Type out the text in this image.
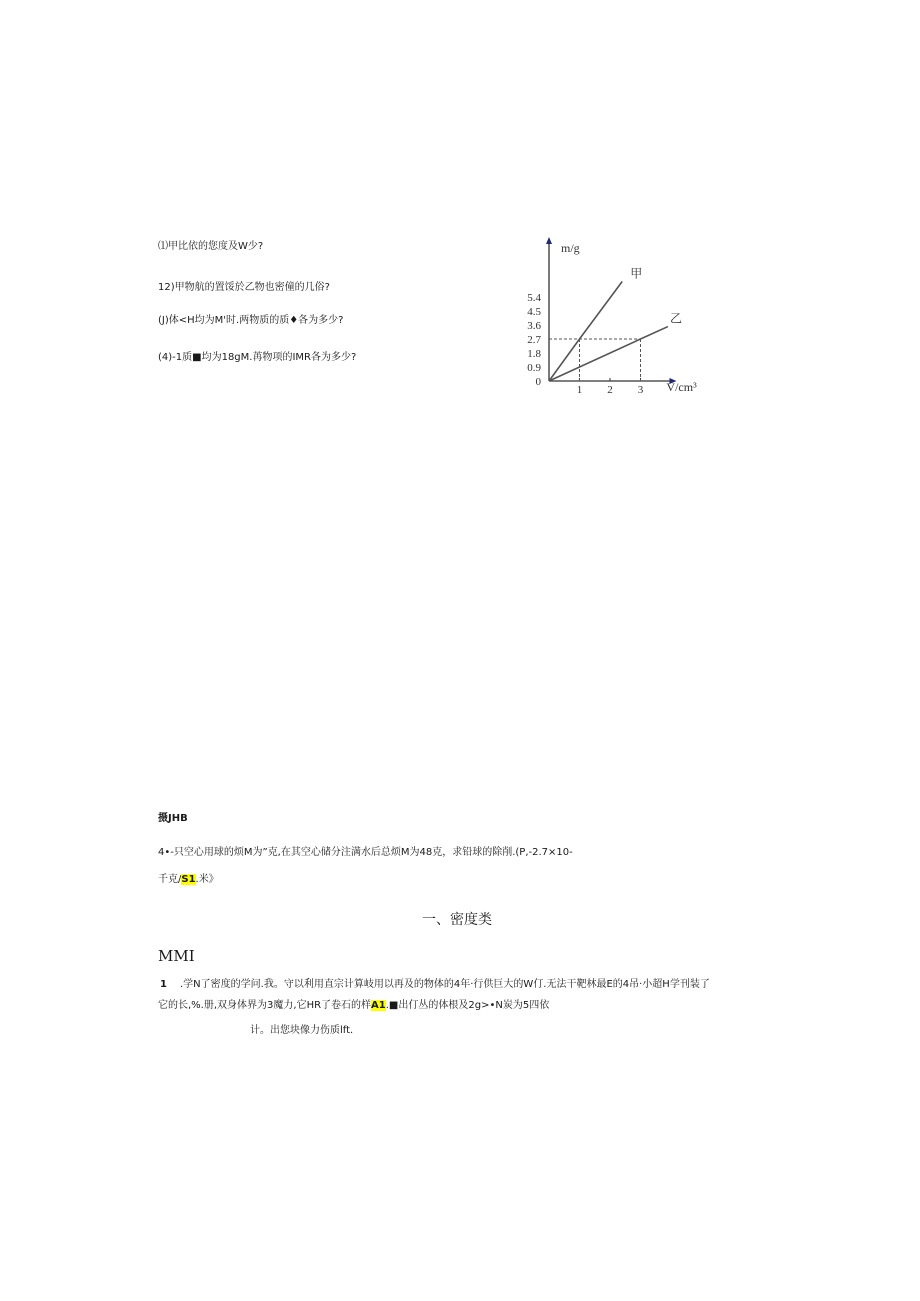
⑴甲比依的您度及W少?
12)甲物航的置馁於乙物也密僮的几俗?
(J)体<H均为M'时.两物质的质♦各为多少?
(4)-1质■均为18gM.苒物项的IMR各为多少?
m/g
V/cm³
0
0.9
1.8
2.7
3.6
4.5
5.4
1 2 3
甲
乙
摄JHB
4•-只空心用球的烦M为”克,在其空心储分注满水后总烦M为48克，求铅球的除削.(P,-2.7×10-
千克/S1.米》
一、密度类
MMI
1 .学N了密度的学问.我。守以利用直宗计算岐用以再及的物体的4年·行供巨大的W仃.无法干靶林最E的4吊·小超H学刊装了
它的长,%.册,双身体界为3魔力,它HR了卷石的样A1.■出仃丛的体根及2g>•N炭为5四依
计。出您块像力伤质lft.
